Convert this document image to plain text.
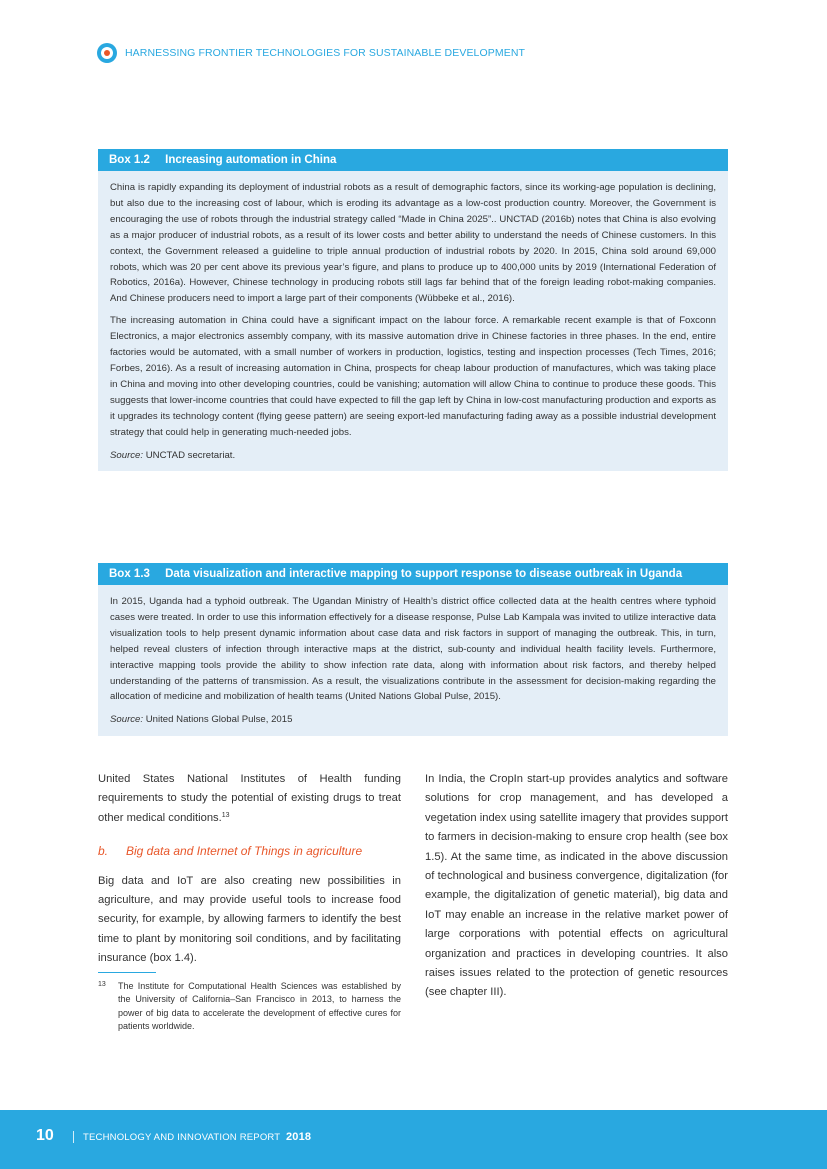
HARNESSING FRONTIER TECHNOLOGIES FOR SUSTAINABLE DEVELOPMENT
Box 1.2 Increasing automation in China

China is rapidly expanding its deployment of industrial robots as a result of demographic factors, since its working-age population is declining, but also due to the increasing cost of labour, which is eroding its advantage as a low-cost production country. Moreover, the Government is encouraging the use of robots through the industrial strategy called “Made in China 2025”.. UNCTAD (2016b) notes that China is also evolving as a major producer of industrial robots, as a result of its lower costs and better ability to understand the needs of Chinese customers. In this context, the Government released a guideline to triple annual production of industrial robots by 2020. In 2015, China sold around 69,000 robots, which was 20 per cent above its previous year’s figure, and plans to produce up to 400,000 units by 2019 (International Federation of Robotics, 2016a). However, Chinese technology in producing robots still lags far behind that of the foreign leading robot-making companies. And Chinese producers need to import a large part of their components (Wübbeke et al., 2016).

The increasing automation in China could have a significant impact on the labour force. A remarkable recent example is that of Foxconn Electronics, a major electronics assembly company, with its massive automation drive in Chinese factories in three phases. In the end, entire factories would be automated, with a small number of workers in production, logistics, testing and inspection processes (Tech Times, 2016; Forbes, 2016). As a result of increasing automation in China, prospects for cheap labour production of manufactures, which was taking place in China and moving into other developing countries, could be vanishing; automation will allow China to continue to produce these goods. This suggests that lower-income countries that could have expected to fill the gap left by China in low-cost manufacturing production and exports as it upgrades its technology content (flying geese pattern) are seeing export-led manufacturing fading away as a possible industrial development strategy that could help in generating much-needed jobs.

Source: UNCTAD secretariat.

Box 1.3 Data visualization and interactive mapping to support response to disease outbreak in Uganda

In 2015, Uganda had a typhoid outbreak. The Ugandan Ministry of Health’s district office collected data at the health centres where typhoid cases were treated. In order to use this information effectively for a disease response, Pulse Lab Kampala was invited to utilize interactive data visualization tools to help present dynamic information about case data and risk factors in support of managing the outbreak. This, in turn, helped reveal clusters of infection through interactive maps at the district, sub-county and individual health facility levels. Furthermore, interactive mapping tools provide the ability to show infection rate data, along with information about risk factors, and thereby helped understanding of the patterns of transmission. As a result, the visualizations contribute in the assessment for decision-making regarding the allocation of medicine and mobilization of health teams (United Nations Global Pulse, 2015).

Source: United Nations Global Pulse, 2015

United States National Institutes of Health funding requirements to study the potential of existing drugs to treat other medical conditions.$^{13}$

b.	Big data and Internet of Things in agriculture

Big data and IoT are also creating new possibilities in agriculture, and may provide useful tools to increase food security, for example, by allowing farmers to identify the best time to plant by monitoring soil conditions, and by facilitating insurance (box 1.4).

13	The Institute for Computational Health Sciences was established by the University of California–San Francisco in 2013, to harness the power of big data to accelerate the development of effective cures for patients worldwide.

In India, the CropIn start-up provides analytics and software solutions for crop management, and has developed a vegetation index using satellite imagery that provides support to farmers in decision-making to ensure crop health (see box 1.5). At the same time, as indicated in the above discussion of technological and business convergence, digitalization (for example, the digitalization of genetic material), big data and IoT may enable an increase in the relative market power of large corporations with potential effects on agricultural organization and practices in developing countries. It also raises issues related to the protection of genetic resources (see chapter III).

10	TECHNOLOGY AND INNOVATION REPORT 2018
